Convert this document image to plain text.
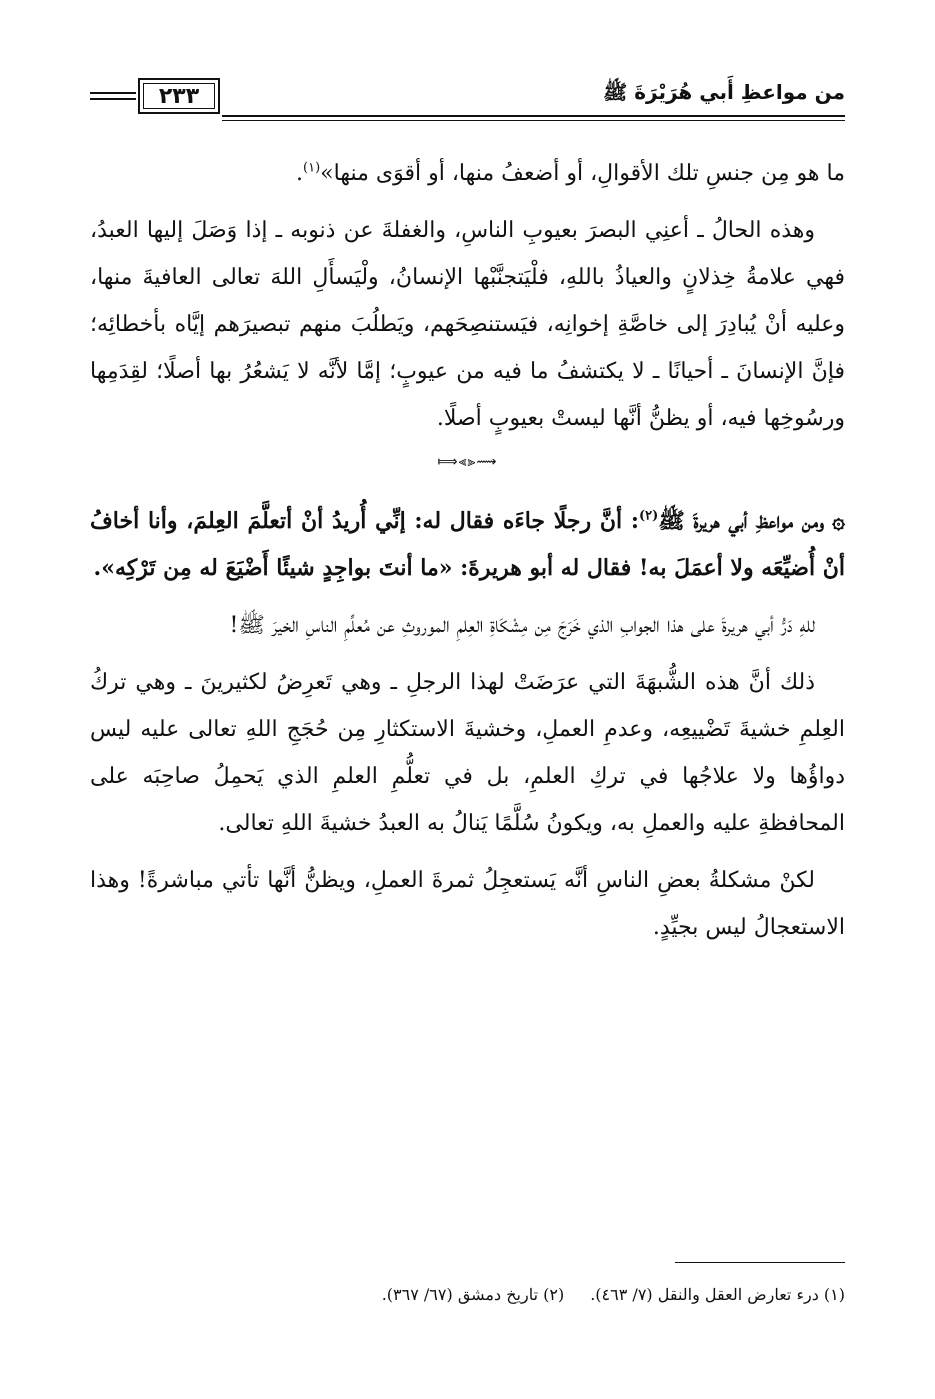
من مواعظِ أَبي هُرَيْرَةَ ﷺ
٢٣٣

ما هو مِن جنسِ تلك الأقوالِ، أو أضعفُ منها، أو أقوَى منها»$^{(١)}$.

وهذه الحالُ ـ أعنِي البصرَ بعيوبِ الناسِ، والغفلةَ عن ذنوبه ـ إذا وَصَلَ إليها العبدُ، فهي علامةُ خِذلانٍ والعياذُ باللهِ، فلْيَتجنَّبْها الإنسانُ، ولْيَسأَلِ اللهَ تعالى العافيةَ منها، وعليه أنْ يُبادِرَ إلى خاصَّةِ إخوانِه، فيَستنصِحَهم، ويَطلُبَ منهم تبصيرَهم إيَّاه بأخطائِه؛ فإنَّ الإنسانَ ـ أحيانًا ـ لا يكتشفُ ما فيه من عيوبٍ؛ إمَّا لأنَّه لا يَشعُرُ بها أصلًا؛ لقِدَمِها ورسُوخِها فيه، أو يظنُّ أنَّها ليستْ بعيوبٍ أصلًا.

⟿⫷⫸⟾

۞ومن مواعظِ أبي هريرةَ ﷺ$^{(٢)}$: أنَّ رجلًا جاءَه فقال له: إنِّي أُريدُ أنْ أتعلَّمَ العِلمَ، وأنا أخافُ أنْ أُضيِّعَه ولا أعمَلَ به! فقال له أبو هريرةَ: «ما أنتَ بواجِدٍ شيئًا أَضْيَعَ له مِن تَرْكِه».

للهِ دَرُّ أبي هريرةَ على هذا الجوابِ الذي خَرَجَ مِن مِشْكَاةِ العِلمِ الموروثِ عن مُعلِّمِ الناسِ الخيرَ ﷺ!

ذلك أنَّ هذه الشُّبهَةَ التي عرَضَتْ لهذا الرجلِ ـ وهي تَعرِضُ لكثيرينَ ـ وهي تركُ العِلمِ خشيةَ تَضْييعِه، وعدمِ العملِ، وخشيةَ الاستكثارِ مِن حُجَجِ اللهِ تعالى عليه ليس دواؤُها ولا علاجُها في تركِ العلمِ، بل في تعلُّمِ العلمِ الذي يَحمِلُ صاحِبَه على المحافظةِ عليه والعملِ به، ويكونُ سُلَّمًا يَنالُ به العبدُ خشيةَ اللهِ تعالى.

لكنْ مشكلةُ بعضِ الناسِ أنَّه يَستعجِلُ ثمرةَ العملِ، ويظنُّ أنَّها تأتي مباشرةً! وهذا الاستعجالُ ليس بجيِّدٍ.

(١) درء تعارض العقل والنقل (٧/ ٤٦٣).(٢) تاريخ دمشق (٦٧/ ٣٦٧).
